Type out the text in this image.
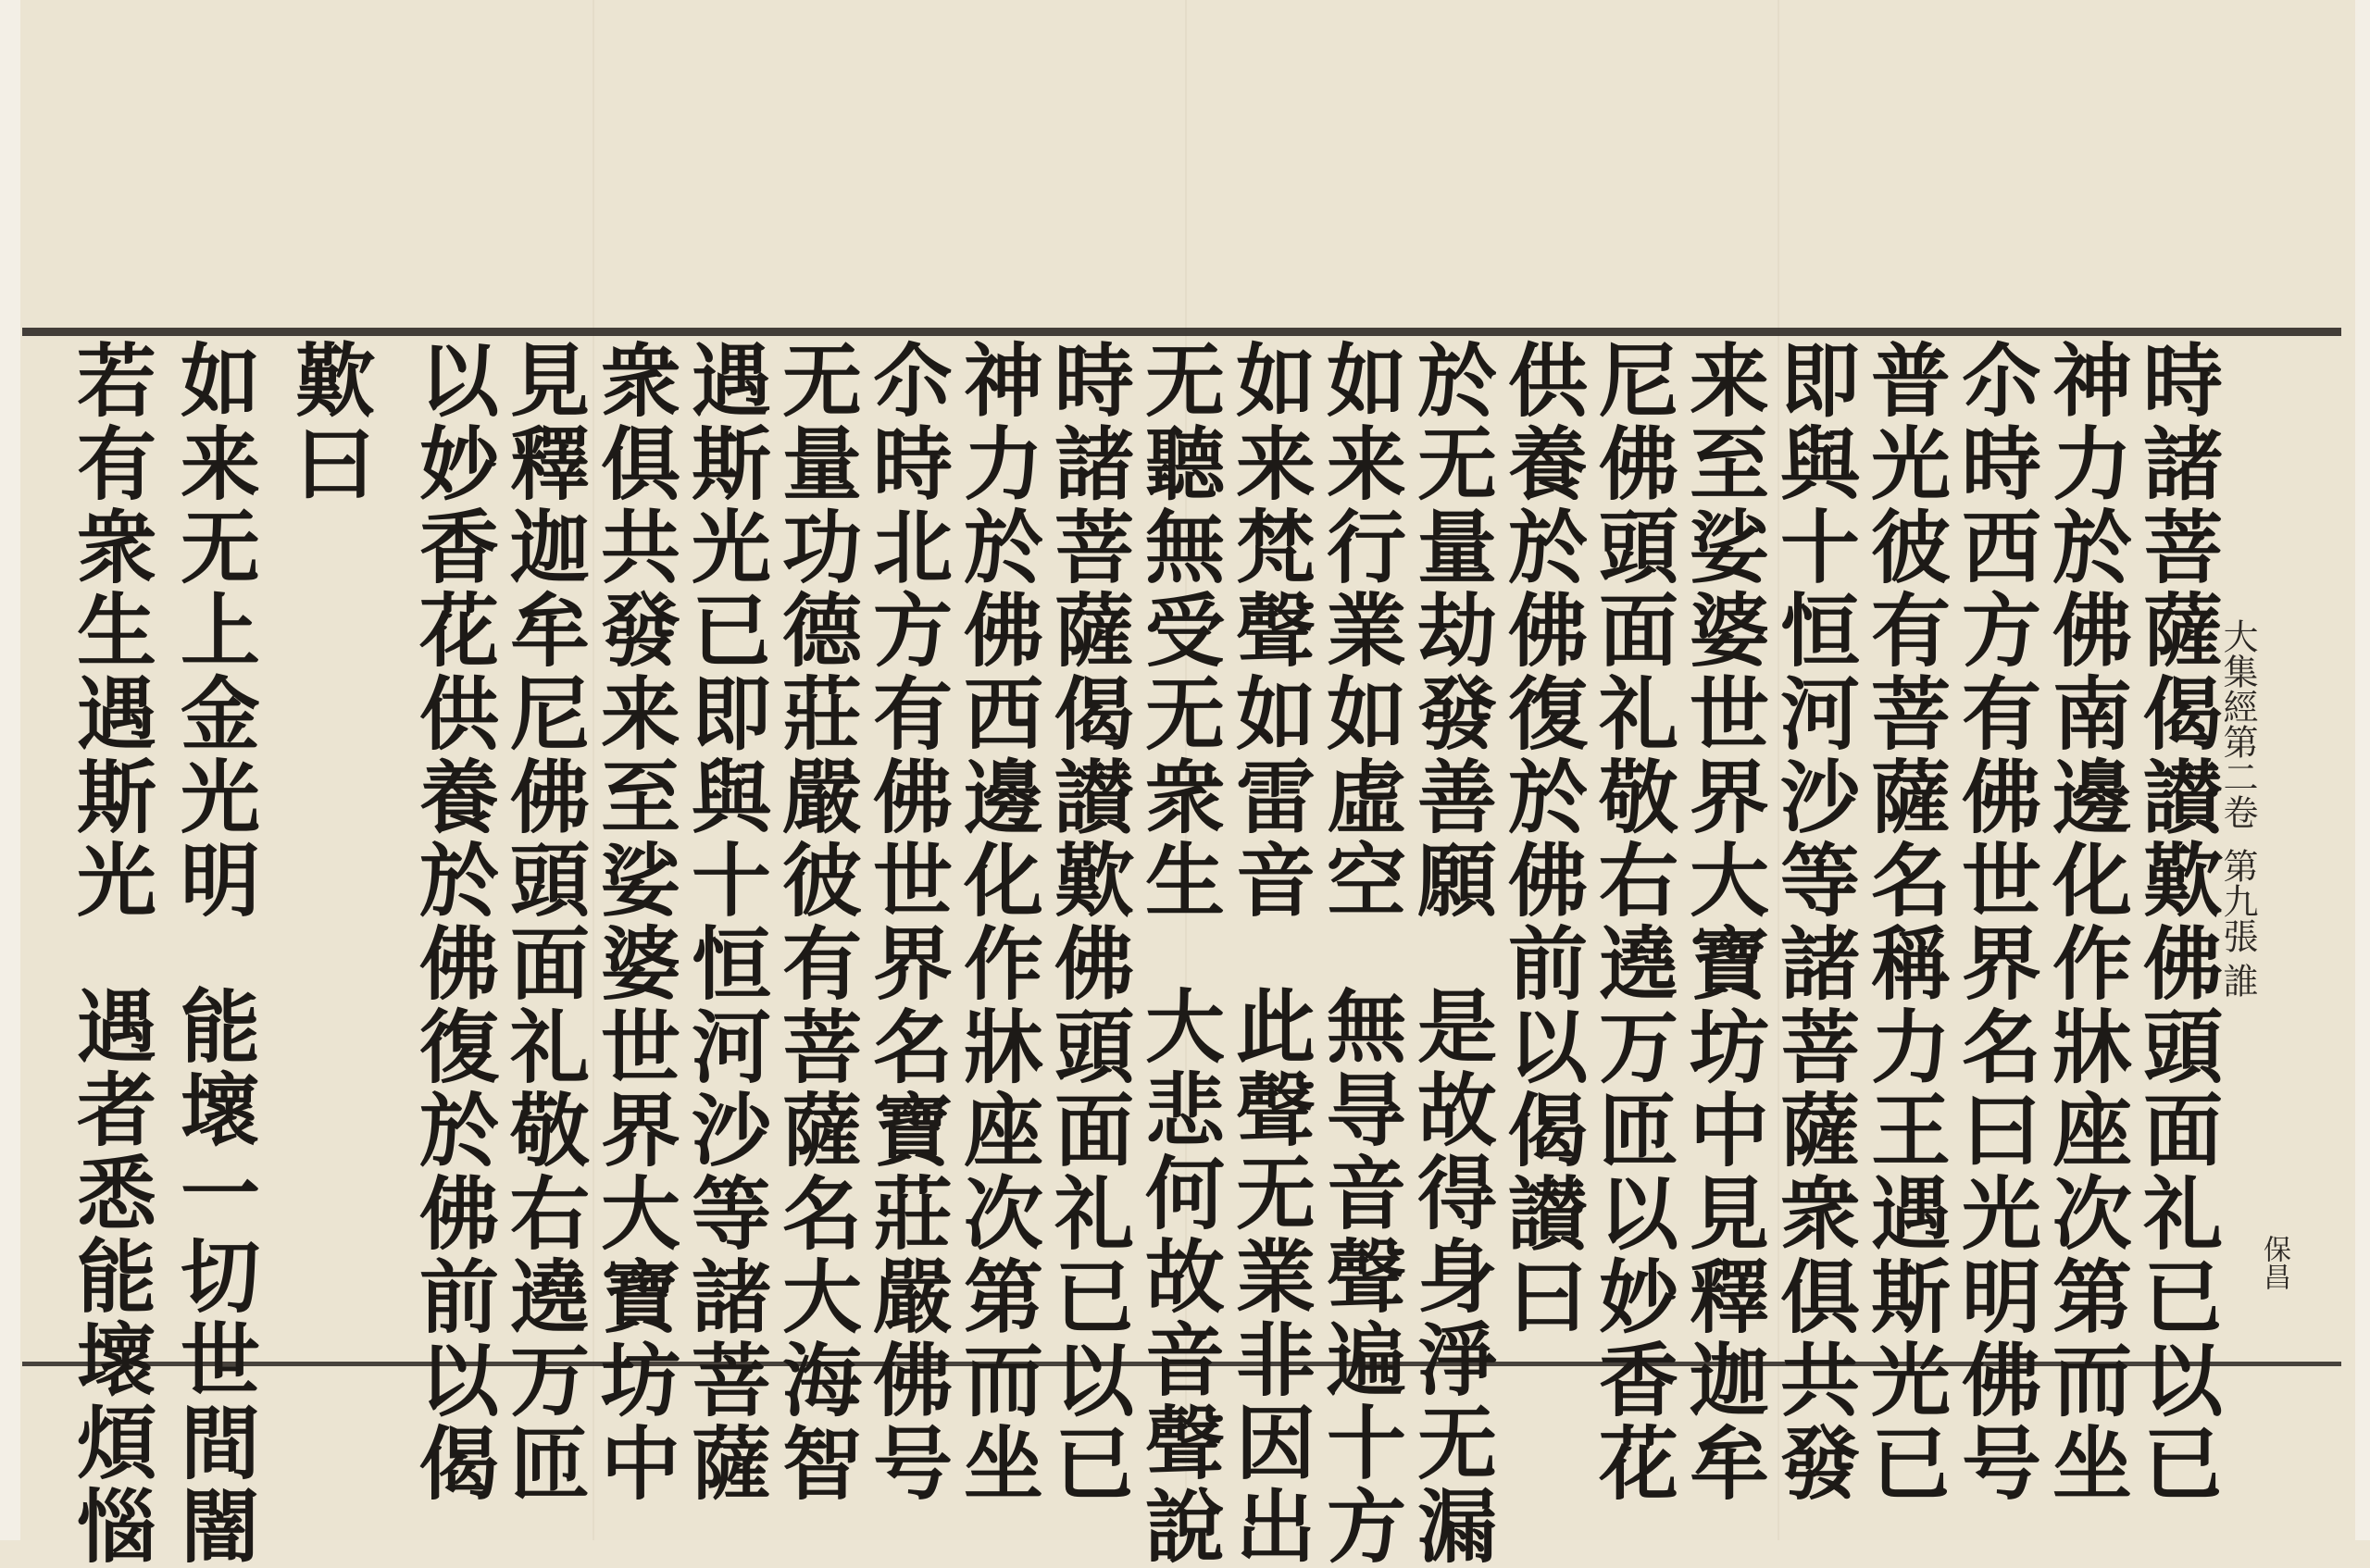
時諸菩薩偈讃歎佛頭面礼已以已
神力於佛南邊化作牀座次第而坐
尒時西方有佛世界名曰光明佛号
普光彼有菩薩名稱力王遇斯光已
即與十恒河沙等諸菩薩衆俱共發
来至娑婆世界大寶坊中見釋迦牟
尼佛頭面礼敬右遶万匝以妙香花
供養於佛復於佛前以偈讃曰
於无量劫發善願是故得身淨无漏
如来行業如虛空無㝵音聲遍十方
如来梵聲如雷音此聲无業非因出
无聽無受无衆生大悲何故音聲說
時諸菩薩偈讃歎佛頭面礼已以已
神力於佛西邊化作牀座次第而坐
尒時北方有佛世界名寶莊嚴佛号
无量功德莊嚴彼有菩薩名大海智
遇斯光已即與十恒河沙等諸菩薩
衆俱共發来至娑婆世界大寶坊中
見釋迦牟尼佛頭面礼敬右遶万匝
以妙香花供養於佛復於佛前以偈
歎曰
如来无上金光明能壞一切世間闇
若有衆生遇斯光遇者悉能壞煩惱
大集經第二卷第九張誰
保昌
